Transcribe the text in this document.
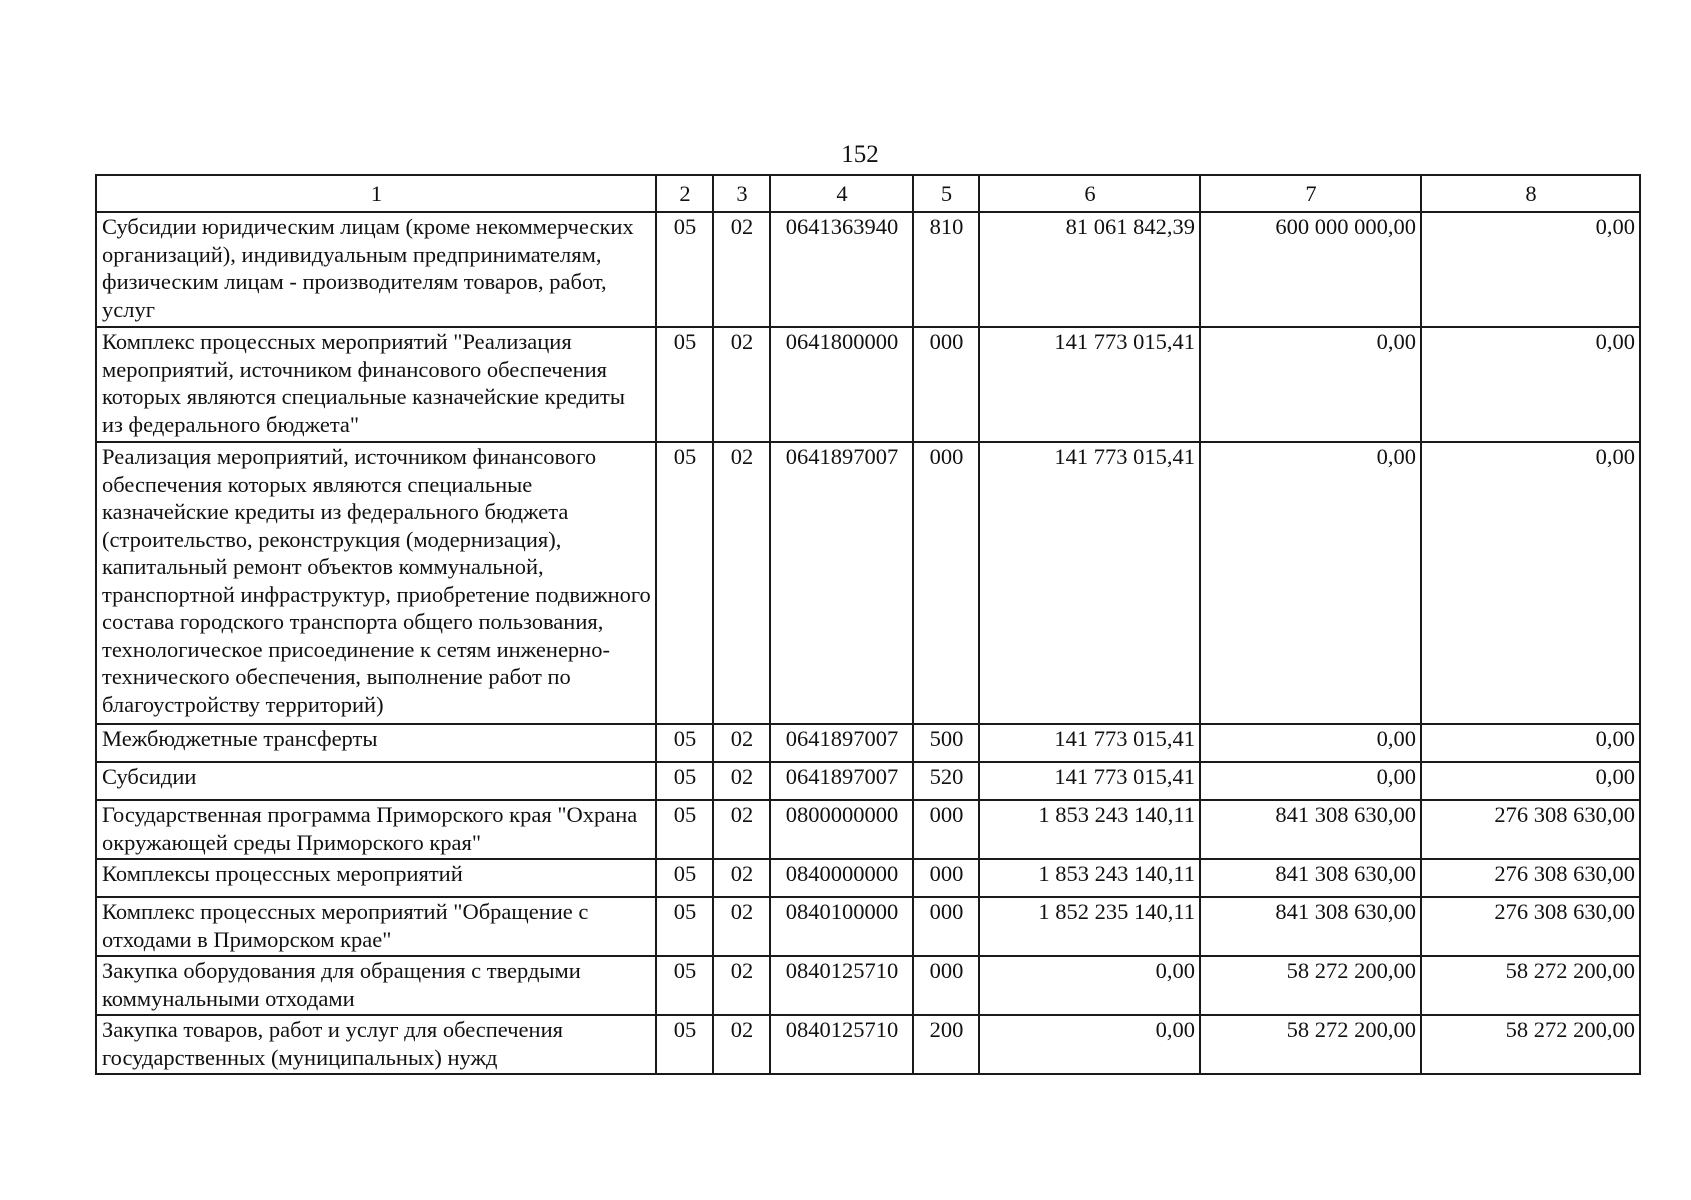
152
1	2	3	4	5	6	7	8
Субсидии юридическим лицам (кроме некоммерческих организаций), индивидуальным предпринимателям, физическим лицам - производителям товаров, работ, услуг	05	02	0641363940	810	81 061 842,39	600 000 000,00	0,00
Комплекс процессных мероприятий "Реализация мероприятий, источником финансового обеспечения которых являются специальные казначейские кредиты из федерального бюджета"	05	02	0641800000	000	141 773 015,41	0,00	0,00
Реализация мероприятий, источником финансового обеспечения которых являются специальные казначейские кредиты из федерального бюджета (строительство, реконструкция (модернизация), капитальный ремонт объектов коммунальной, транспортной инфраструктур, приобретение подвижного состава городского транспорта общего пользования, технологическое присоединение к сетям инженерно-технического обеспечения, выполнение работ по благоустройству территорий)	05	02	0641897007	000	141 773 015,41	0,00	0,00
Межбюджетные трансферты	05	02	0641897007	500	141 773 015,41	0,00	0,00
Субсидии	05	02	0641897007	520	141 773 015,41	0,00	0,00
Государственная программа Приморского края "Охрана окружающей среды Приморского края"	05	02	0800000000	000	1 853 243 140,11	841 308 630,00	276 308 630,00
Комплексы процессных мероприятий	05	02	0840000000	000	1 853 243 140,11	841 308 630,00	276 308 630,00
Комплекс процессных мероприятий "Обращение с отходами в Приморском крае"	05	02	0840100000	000	1 852 235 140,11	841 308 630,00	276 308 630,00
Закупка оборудования для обращения с твердыми коммунальными отходами	05	02	0840125710	000	0,00	58 272 200,00	58 272 200,00
Закупка товаров, работ и услуг для обеспечения государственных (муниципальных) нужд	05	02	0840125710	200	0,00	58 272 200,00	58 272 200,00
